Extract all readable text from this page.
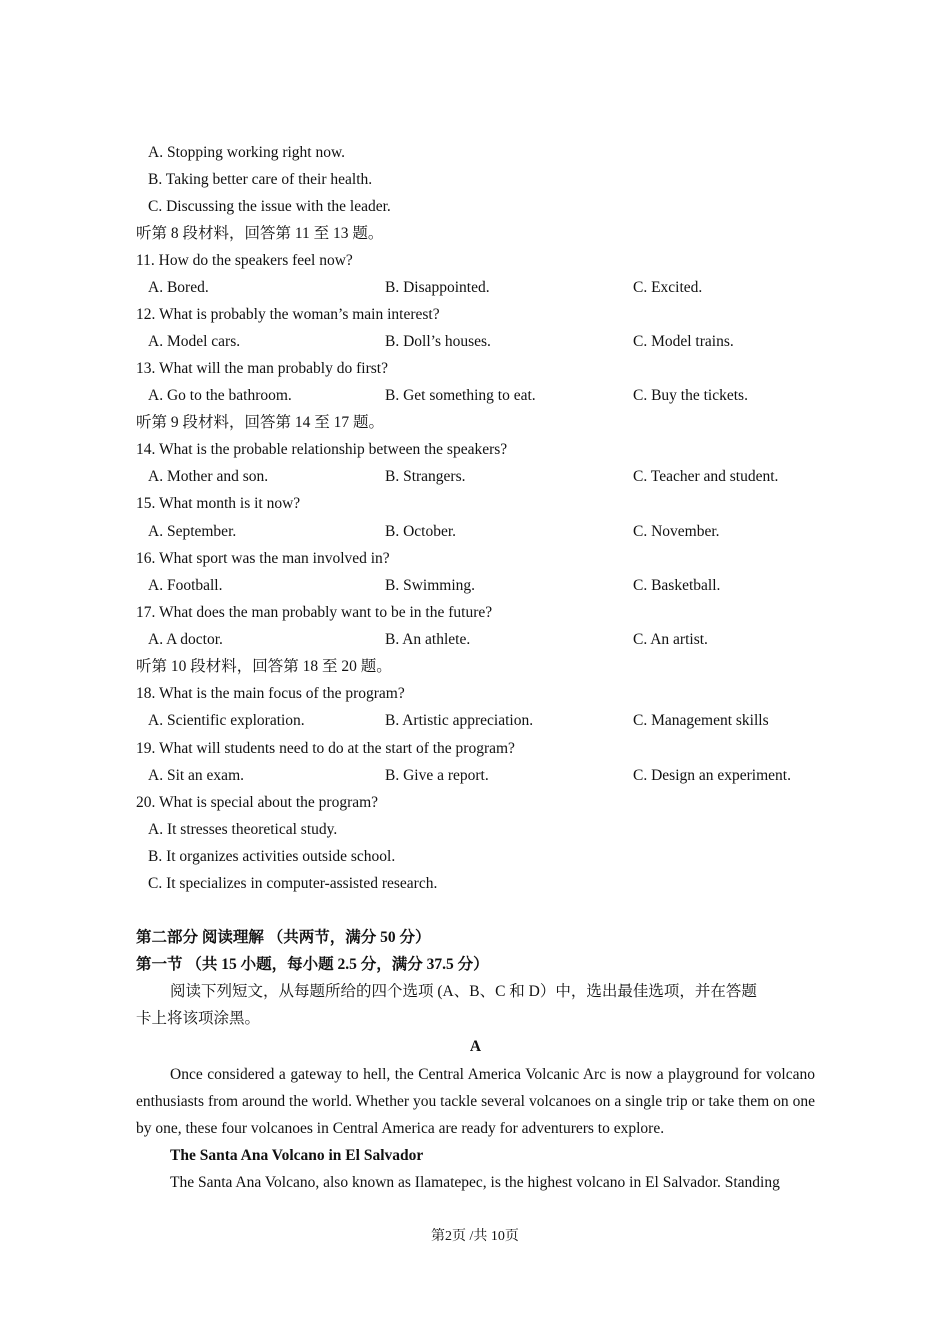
A. Stopping working right now.
B. Taking better care of their health.
C. Discussing the issue with the leader.
听第 8 段材料，回答第 11 至 13 题。
11. How do the speakers feel now?
A. Bored.	B. Disappointed.	C. Excited.
12. What is probably the woman’s main interest?
A. Model cars.	B. Doll’s houses.	C. Model trains.
13. What will the man probably do first?
A. Go to the bathroom.	B. Get something to eat.	C. Buy the tickets.
听第 9 段材料，回答第 14 至 17 题。
14. What is the probable relationship between the speakers?
A. Mother and son.	B. Strangers.	C. Teacher and student.
15. What month is it now?
A. September.	B. October.	C. November.
16. What sport was the man involved in?
A. Football.	B. Swimming.	C. Basketball.
17. What does the man probably want to be in the future?
A. A doctor.	B. An athlete.	C. An artist.
听第 10 段材料，回答第 18 至 20 题。
18. What is the main focus of the program?
A. Scientific exploration.	B. Artistic appreciation.	C. Management skills
19. What will students need to do at the start of the program?
A. Sit an exam.	B. Give a report.	C. Design an experiment.
20. What is special about the program?
A. It stresses theoretical study.
B. It organizes activities outside school.
C. It specializes in computer-assisted research.
第二部分 阅读理解 （共两节，满分 50 分）
第一节 （共 15 小题，每小题 2.5 分，满分 37.5 分）
阅读下列短文，从每题所给的四个选项 (A、B、C 和 D）中，选出最佳选项，并在答题
卡上将该项涂黑。
A
Once considered a gateway to hell, the Central America Volcanic Arc is now a playground for volcano enthusiasts from around the world. Whether you tackle several volcanoes on a single trip or take them on one by one, these four volcanoes in Central America are ready for adventurers to explore.
The Santa Ana Volcano in El Salvador
The Santa Ana Volcano, also known as Ilamatepec, is the highest volcano in El Salvador. Standing
第2页 /共 10页
